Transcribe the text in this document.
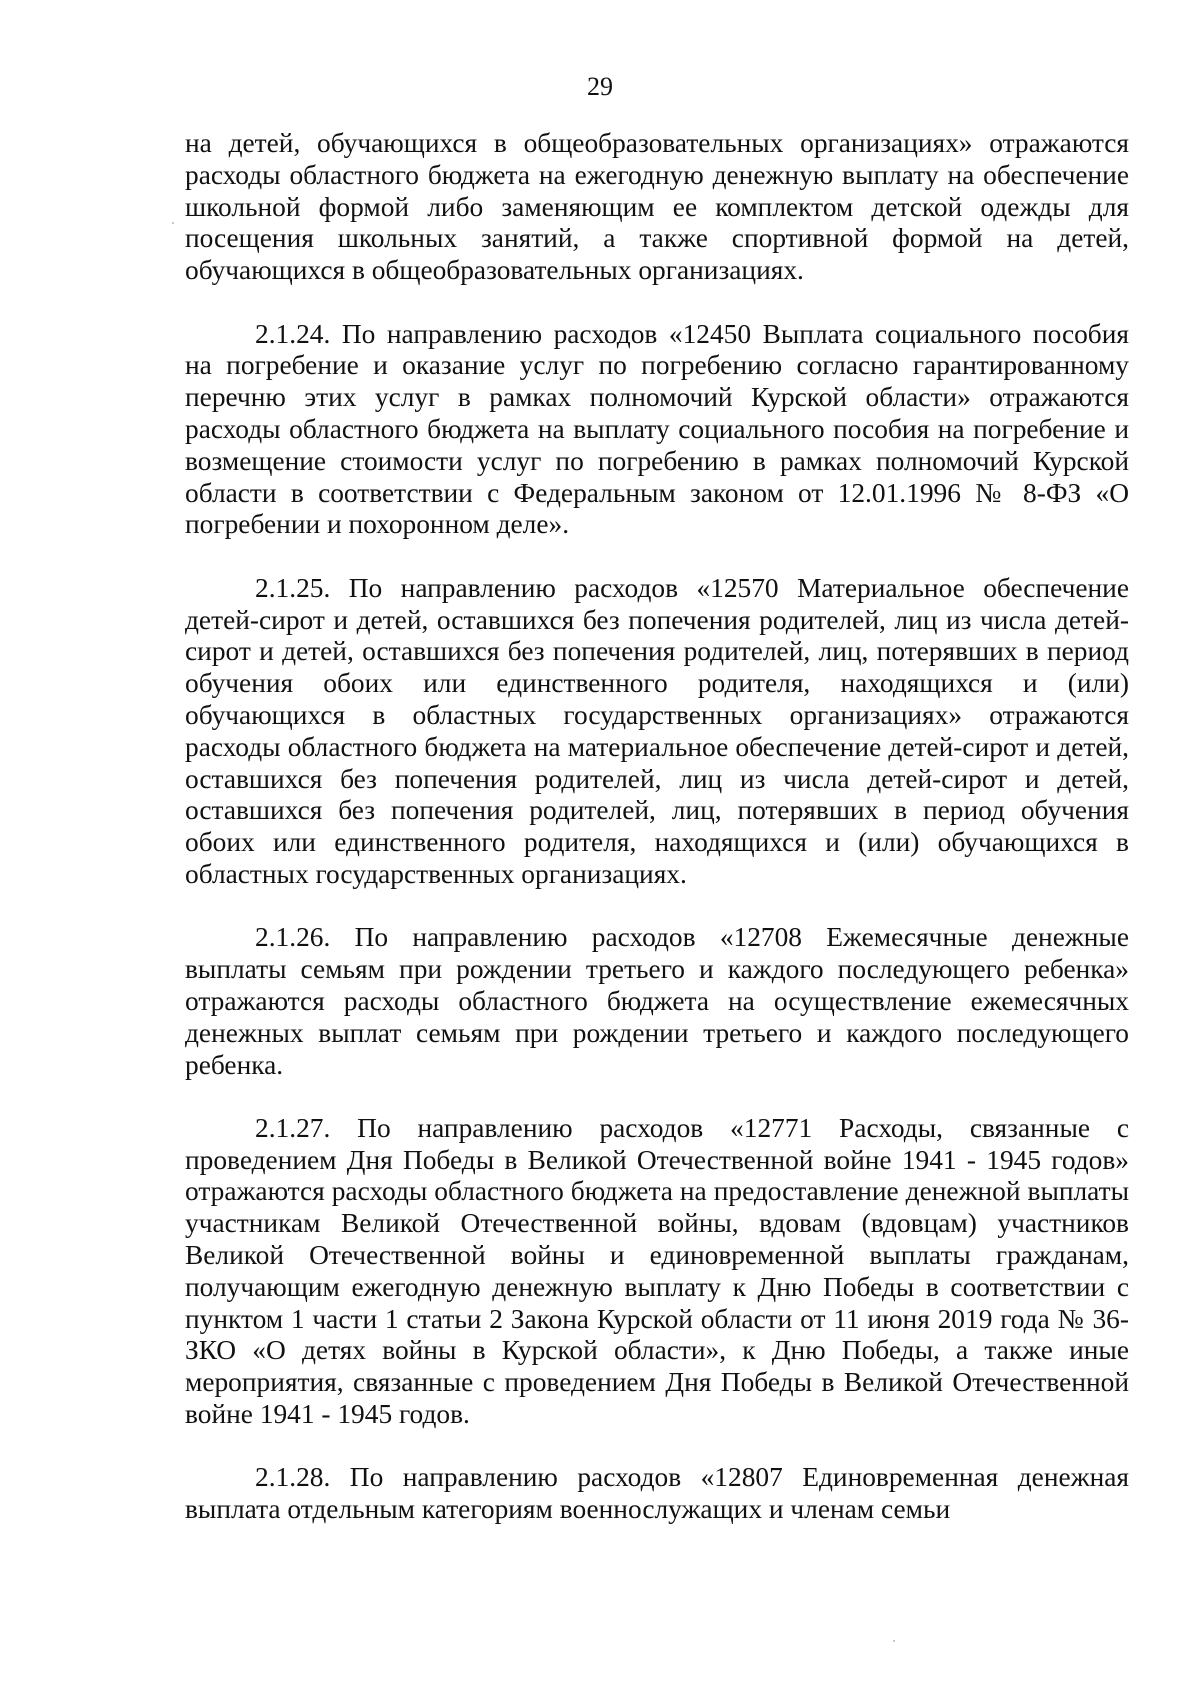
29

на детей, обучающихся в общеобразовательных организациях» отражаются расходы областного бюджета на ежегодную денежную выплату на обеспечение школьной формой либо заменяющим ее комплектом детской одежды для посещения школьных занятий, а также спортивной формой на детей, обучающихся в общеобразовательных организациях.

2.1.24. По направлению расходов «12450 Выплата социального пособия на погребение и оказание услуг по погребению согласно гарантированному перечню этих услуг в рамках полномочий Курской области» отражаются расходы областного бюджета на выплату социального пособия на погребение и возмещение стоимости услуг по погребению в рамках полномочий Курской области в соответствии с Федеральным законом от 12.01.1996 № 8-ФЗ «О погребении и похоронном деле».

2.1.25. По направлению расходов «12570 Материальное обеспечение детей-сирот и детей, оставшихся без попечения родителей, лиц из числа детей-сирот и детей, оставшихся без попечения родителей, лиц, потерявших в период обучения обоих или единственного родителя, находящихся и (или) обучающихся в областных государственных организациях» отражаются расходы областного бюджета на материальное обеспечение детей-сирот и детей, оставшихся без попечения родителей, лиц из числа детей-сирот и детей, оставшихся без попечения родителей, лиц, потерявших в период обучения обоих или единственного родителя, находящихся и (или) обучающихся в областных государственных организациях.

2.1.26. По направлению расходов «12708 Ежемесячные денежные выплаты семьям при рождении третьего и каждого последующего ребенка» отражаются расходы областного бюджета на осуществление ежемесячных денежных выплат семьям при рождении третьего и каждого последующего ребенка.

2.1.27. По направлению расходов «12771 Расходы, связанные с проведением Дня Победы в Великой Отечественной войне 1941 - 1945 годов» отражаются расходы областного бюджета на предоставление денежной выплаты участникам Великой Отечественной войны, вдовам (вдовцам) участников Великой Отечественной войны и единовременной выплаты гражданам, получающим ежегодную денежную выплату к Дню Победы в соответствии с пунктом 1 части 1 статьи 2 Закона Курской области от 11 июня 2019 года № 36-ЗКО «О детях войны в Курской области», к Дню Победы, а также иные мероприятия, связанные с проведением Дня Победы в Великой Отечественной войне 1941 - 1945 годов.

2.1.28. По направлению расходов «12807 Единовременная денежная выплата отдельным категориям военнослужащих и членам семьи
